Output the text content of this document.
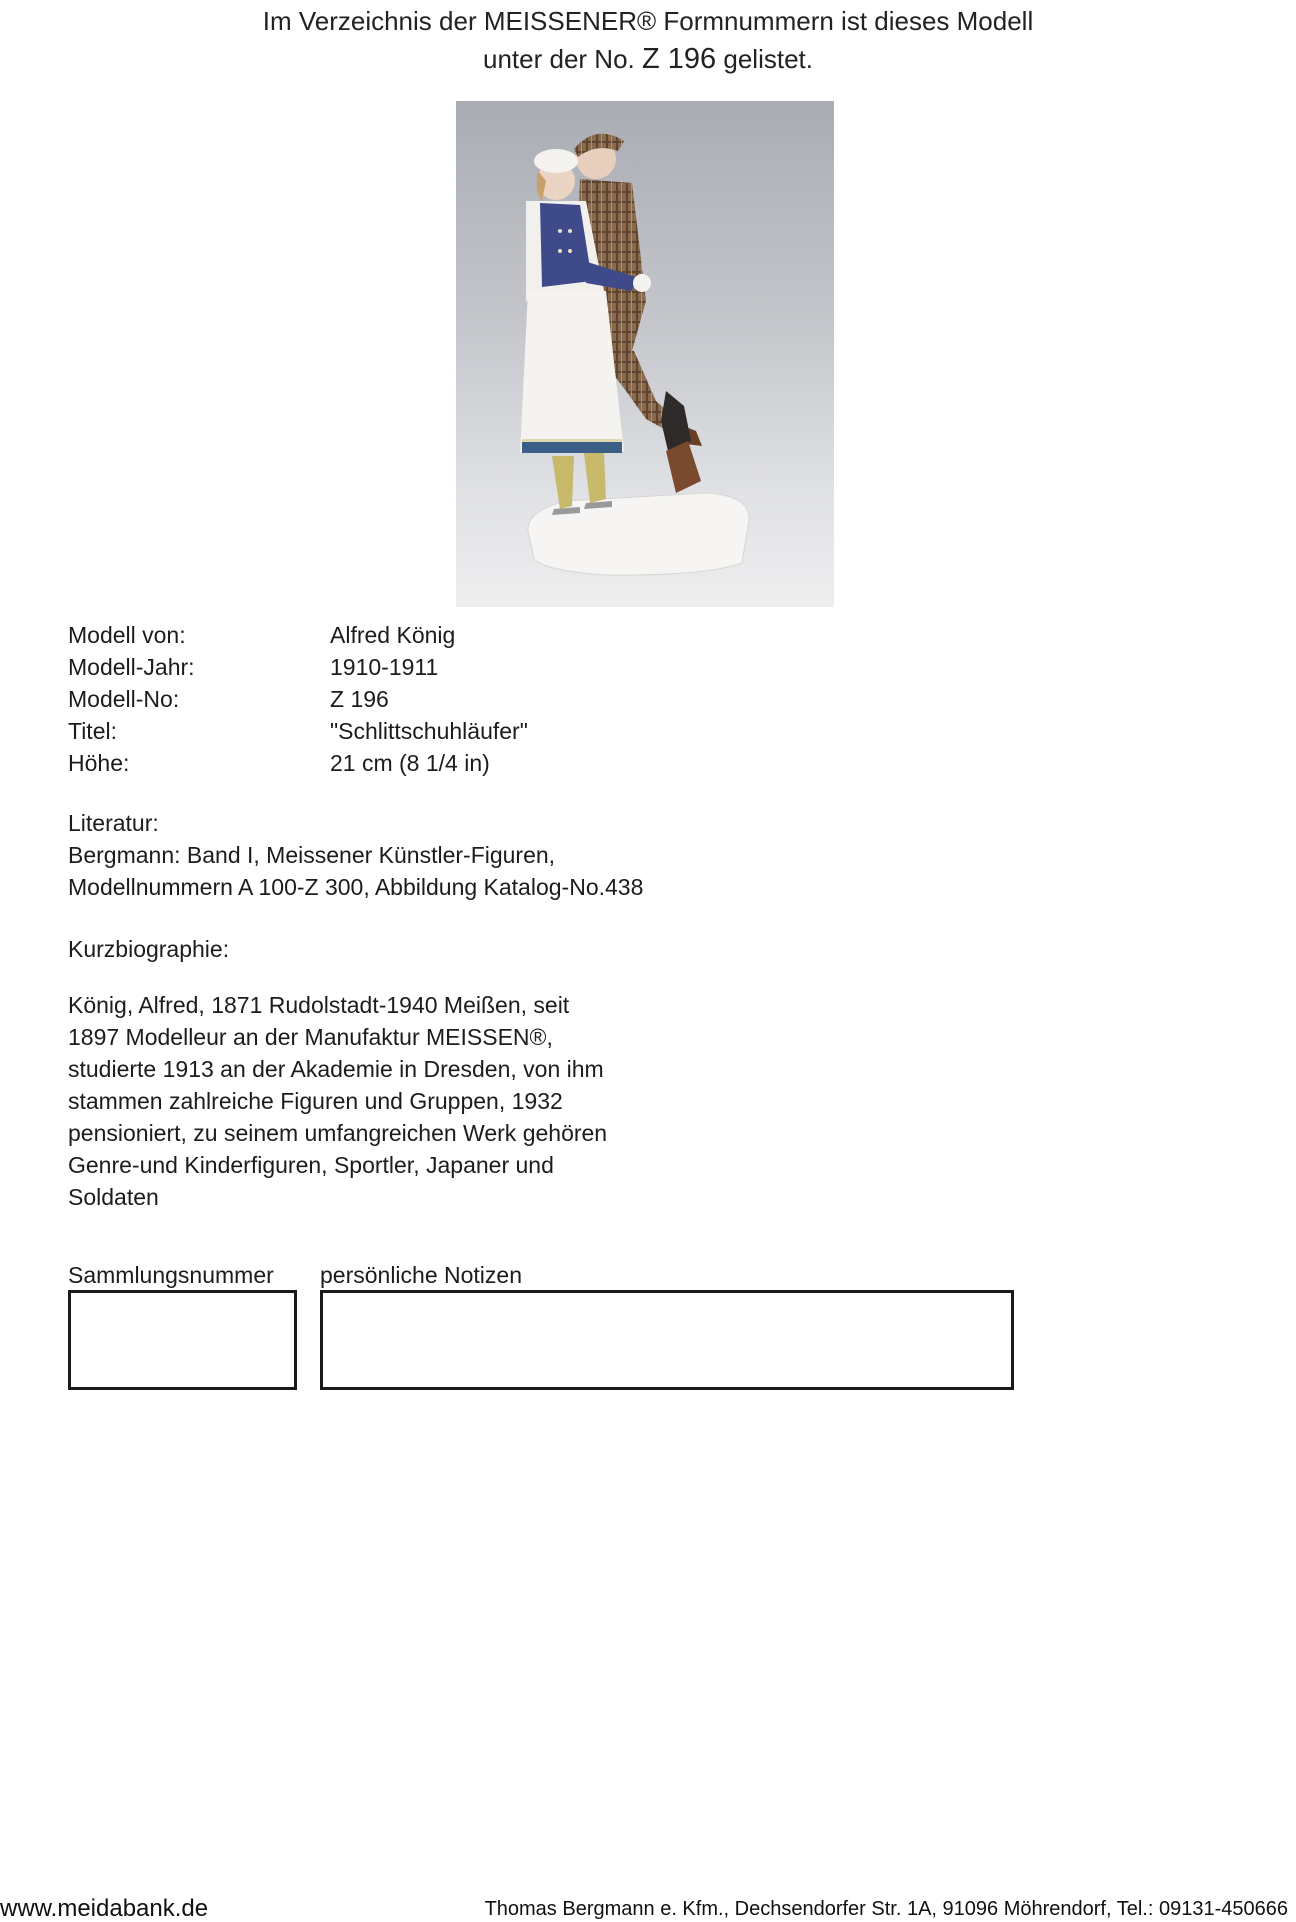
Im Verzeichnis der MEISSENER® Formnummern ist dieses Modell
unter der No. Z 196 gelistet.
Modell von:	Alfred König
Modell-Jahr:	1910-1911
Modell-No:	Z 196
Titel:	"Schlittschuhläufer"
Höhe:	21 cm (8 1/4 in)
Literatur:
Bergmann: Band I, Meissener Künstler-Figuren,
Modellnummern A 100-Z 300, Abbildung Katalog-No.438
Kurzbiographie:
König, Alfred, 1871 Rudolstadt-1940 Meißen, seit
1897 Modelleur an der Manufaktur MEISSEN®,
studierte 1913 an der Akademie in Dresden, von ihm
stammen zahlreiche Figuren und Gruppen, 1932
pensioniert, zu seinem umfangreichen Werk gehören
Genre-und Kinderfiguren, Sportler, Japaner und
Soldaten
Sammlungsnummer persönliche Notizen
www.meidabank.de	Thomas Bergmann e. Kfm., Dechsendorfer Str. 1A, 91096 Möhrendorf, Tel.: 09131-450666
